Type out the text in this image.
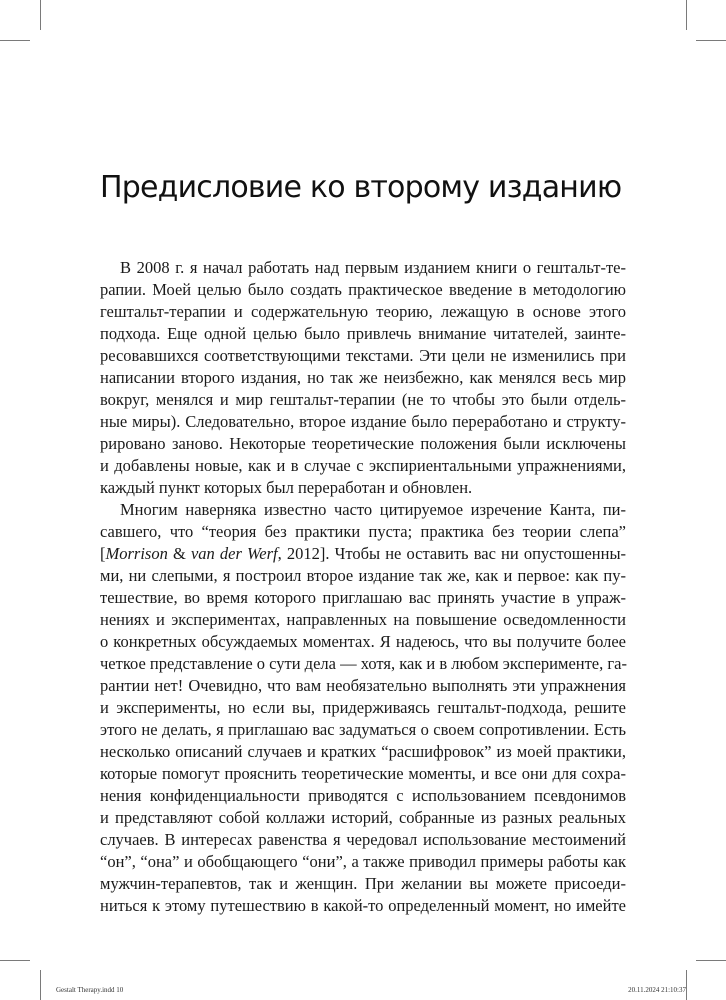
Предисловие ко второму изданию
В 2008 г. я начал работать над первым изданием книги о гештальт-те-
рапии. Моей целью было создать практическое введение в методологию
гештальт-терапии и содержательную теорию, лежащую в основе этого
подхода. Еще одной целью было привлечь внимание читателей, заинте-
ресовавшихся соответствующими текстами. Эти цели не изменились при
написании второго издания, но так же неизбежно, как менялся весь мир
вокруг, менялся и мир гештальт-терапии (не то чтобы это были отдель-
ные миры). Следовательно, второе издание было переработано и структу-
рировано заново. Некоторые теоретические положения были исключены
и добавлены новые, как и в случае с экспириентальными упражнениями,
каждый пункт которых был переработан и обновлен.
Многим наверняка известно часто цитируемое изречение Канта, пи-
савшего, что “теория без практики пуста; практика без теории слепа”
[Morrison & van der Werf, 2012]. Чтобы не оставить вас ни опустошенны-
ми, ни слепыми, я построил второе издание так же, как и первое: как пу-
тешествие, во время которого приглашаю вас принять участие в упраж-
нениях и экспериментах, направленных на повышение осведомленности
о конкретных обсуждаемых моментах. Я надеюсь, что вы получите более
четкое представление о сути дела — хотя, как и в любом эксперименте, га-
рантии нет! Очевидно, что вам необязательно выполнять эти упражнения
и эксперименты, но если вы, придерживаясь гештальт-подхода, решите
этого не делать, я приглашаю вас задуматься о своем сопротивлении. Есть
несколько описаний случаев и кратких “расшифровок” из моей практики,
которые помогут прояснить теоретические моменты, и все они для сохра-
нения конфиденциальности приводятся с использованием псевдонимов
и представляют собой коллажи историй, собранные из разных реальных
случаев. В интересах равенства я чередовал использование местоимений
“он”, “она” и обобщающего “они”, а также приводил примеры работы как
мужчин-терапевтов, так и женщин. При желании вы можете присоеди-
ниться к этому путешествию в какой-то определенный момент, но имейте
Gestalt Therapy.indd 10	20.11.2024 21:10:37
